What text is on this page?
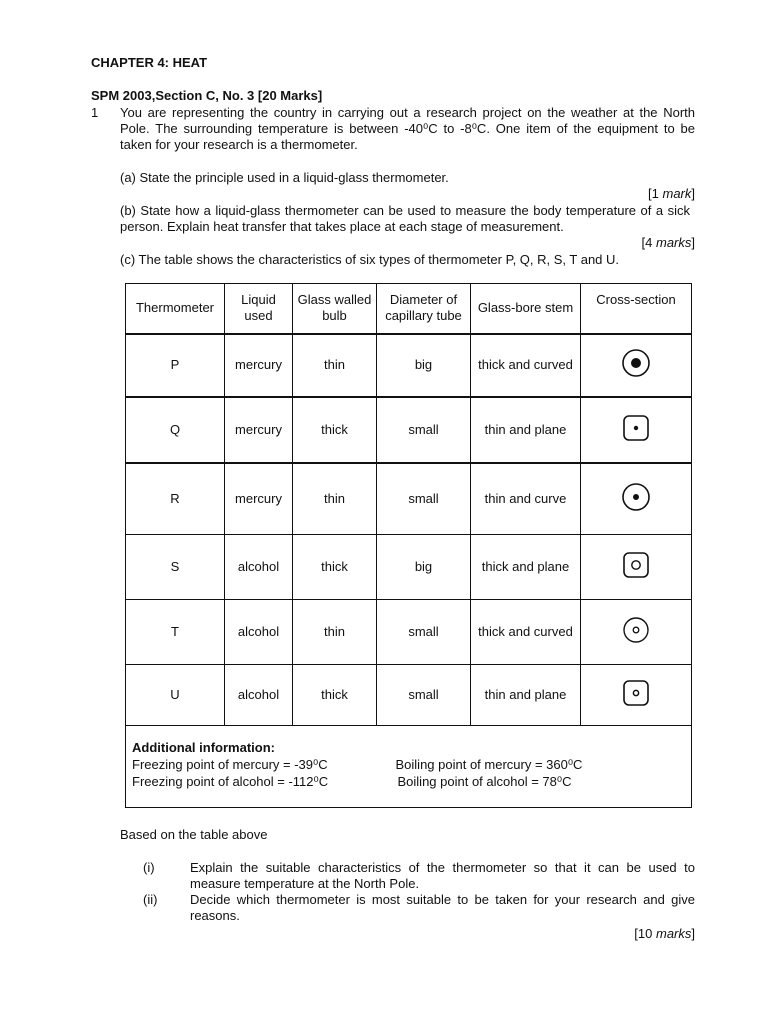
CHAPTER 4: HEAT
SPM 2003,Section C, No. 3 [20 Marks]
1 You are representing the country in carrying out a research project on the weather at the North Pole. The surrounding temperature is between -40⁰C to -8⁰C. One item of the equipment to be taken for your research is a thermometer.
(a) State the principle used in a liquid-glass thermometer.
[1 mark]
(b) State how a liquid-glass thermometer can be used to measure the body temperature of a sick person. Explain heat transfer that takes place at each stage of measurement.
[4 marks]
(c) The table shows the characteristics of six types of thermometer P, Q, R, S, T and U.
Thermometer	Liquid used	Glass walled bulb	Diameter of capillary tube	Glass-bore stem	Cross-section
P	mercury	thin	big	thick and curved	
Q	mercury	thick	small	thin and plane	
R	mercury	thin	small	thin and curve	
S	alcohol	thick	big	thick and plane	
T	alcohol	thin	small	thick and curved	
U	alcohol	thick	small	thin and plane	

Additional information:
Freezing point of mercury = -39⁰C Boiling point of mercury = 360⁰C
Freezing point of alcohol = -112⁰C Boiling point of alcohol = 78⁰C					
Based on the table above
(i)	Explain the suitable characteristics of the thermometer so that it can be used to measure temperature at the North Pole.
(ii)	Decide which thermometer is most suitable to be taken for your research and give reasons.
[10 marks]
